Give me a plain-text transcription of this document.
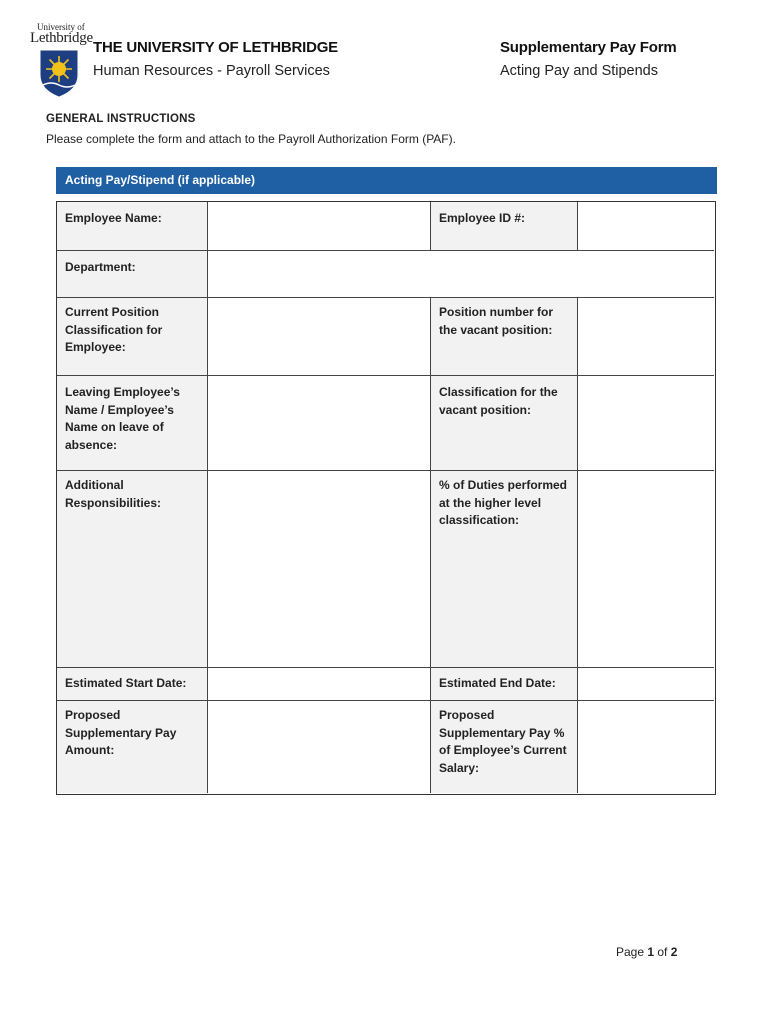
University of
Lethbridge
THE UNIVERSITY OF LETHBRIDGE
Human Resources - Payroll Services
Supplementary Pay Form
Acting Pay and Stipends
GENERAL INSTRUCTIONS
Please complete the form and attach to the Payroll Authorization Form (PAF).
Acting Pay/Stipend (if applicable)
Employee Name:	Employee ID #:
Department:
Current Position Classification for Employee:
Position number for the vacant position:
Leaving Employee’s Name / Employee’s Name on leave of absence:
Classification for the vacant position:
Additional Responsibilities:
% of Duties performed at the higher level classification:
Estimated Start Date:	Estimated End Date:
Proposed Supplementary Pay Amount:
Proposed Supplementary Pay % of Employee’s Current Salary:
Page 1 of 2
